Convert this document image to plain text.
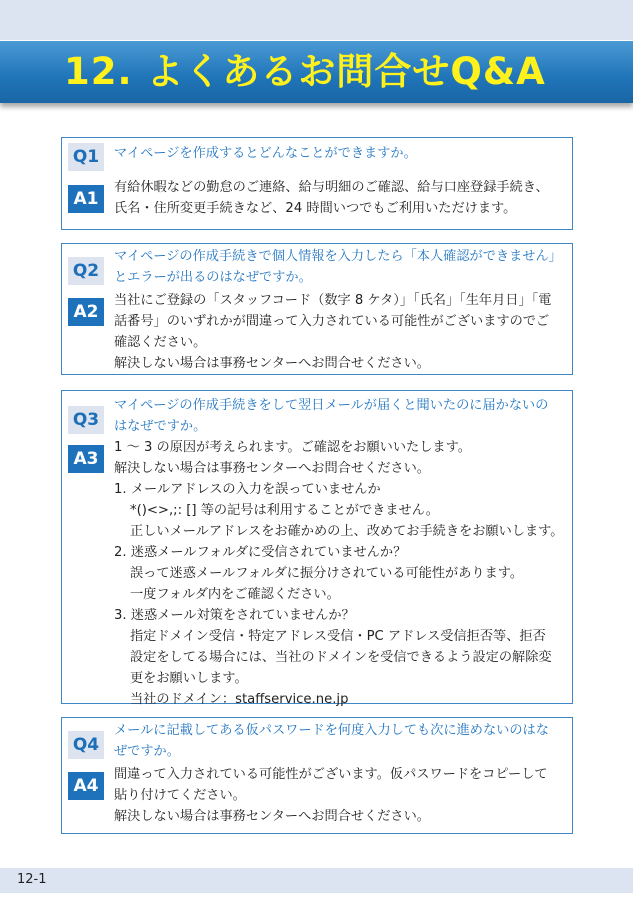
12. よくあるお問合せQ&A
Q1	マイページを作成するとどんなことができますか。
A1
有給休暇などの勤怠のご連絡、給与明細のご確認、給与口座登録手続き、
氏名・住所変更手続きなど、24 時間いつでもご利用いただけます。
Q2
マイページの作成手続きで個人情報を入力したら「本人確認ができません」
とエラーが出るのはなぜですか。
A2
当社にご登録の「スタッフコード（数字 8 ケタ）」「氏名」「生年月日」「電
話番号」のいずれかが間違って入力されている可能性がございますのでご
確認ください。
解決しない場合は事務センターへお問合せください。
Q3
マイページの作成手続きをして翌日メールが届くと聞いたのに届かないの
はなぜですか。
A3
1 ～ 3 の原因が考えられます。ご確認をお願いいたします。
解決しない場合は事務センターへお問合せください。
1. メールアドレスの入力を誤っていませんか
*()<>,;: [] 等の記号は利用することができません。
正しいメールアドレスをお確かめの上、改めてお手続きをお願いします。
2. 迷惑メールフォルダに受信されていませんか？
誤って迷惑メールフォルダに振分けされている可能性があります。
一度フォルダ内をご確認ください。
3. 迷惑メール対策をされていませんか？
指定ドメイン受信・特定アドレス受信・PC アドレス受信拒否等、拒否
設定をしてる場合には、当社のドメインを受信できるよう設定の解除変
更をお願いします。
当社のドメイン：staffservice.ne.jp
Q4
メールに記載してある仮パスワードを何度入力しても次に進めないのはな
ぜですか。
A4
間違って入力されている可能性がございます。仮パスワードをコピーして
貼り付けてください。
解決しない場合は事務センターへお問合せください。
12-1
